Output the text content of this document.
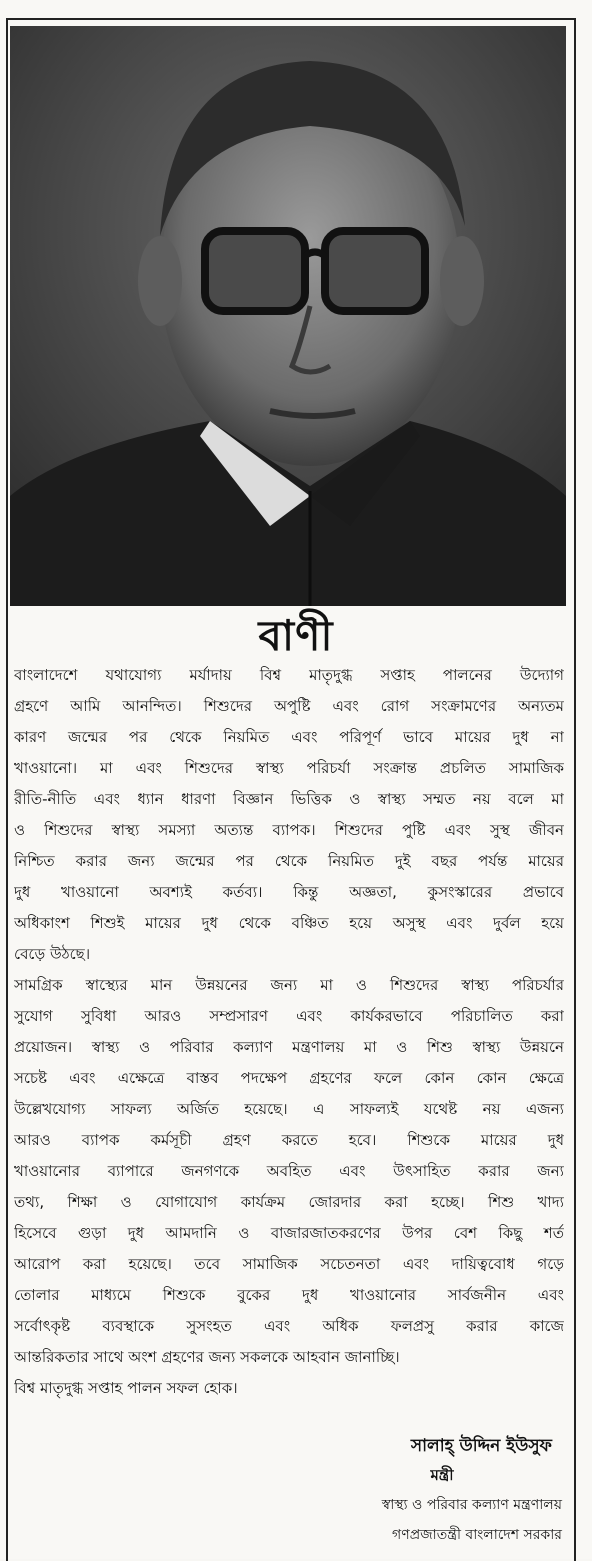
বাণী
বাংলাদেশে যথাযোগ্য মর্যাদায় বিশ্ব মাতৃদুগ্ধ সপ্তাহ পালনের উদ্যোগ
গ্রহণে আমি আনন্দিত। শিশুদের অপুষ্টি এবং রোগ সংক্রামণের অন্যতম
কারণ জন্মের পর থেকে নিয়মিত এবং পরিপূর্ণ ভাবে মায়ের দুধ না
খাওয়ানো। মা এবং শিশুদের স্বাস্থ্য পরিচর্যা সংক্রান্ত প্রচলিত সামাজিক
রীতি-নীতি এবং ধ্যান ধারণা বিজ্ঞান ভিত্তিক ও স্বাস্থ্য সম্মত নয় বলে মা
ও শিশুদের স্বাস্থ্য সমস্যা অত্যন্ত ব্যাপক। শিশুদের পুষ্টি এবং সুস্থ জীবন
নিশ্চিত করার জন্য জন্মের পর থেকে নিয়মিত দুই বছর পর্যন্ত মায়ের
দুধ খাওয়ানো অবশ্যই কর্তব্য। কিন্তু অজ্ঞতা, কুসংস্কারের প্রভাবে
অধিকাংশ শিশুই মায়ের দুধ থেকে বঞ্চিত হয়ে অসুস্থ এবং দুর্বল হয়ে
বেড়ে উঠছে।
সামগ্রিক স্বাস্থ্যের মান উন্নয়নের জন্য মা ও শিশুদের স্বাস্থ্য পরিচর্যার
সুযোগ সুবিধা আরও সম্প্রসারণ এবং কার্যকরভাবে পরিচালিত করা
প্রয়োজন। স্বাস্থ্য ও পরিবার কল্যাণ মন্ত্রণালয় মা ও শিশু স্বাস্থ্য উন্নয়নে
সচেষ্ট এবং এক্ষেত্রে বাস্তব পদক্ষেপ গ্রহণের ফলে কোন কোন ক্ষেত্রে
উল্লেখযোগ্য সাফল্য অর্জিত হয়েছে। এ সাফল্যই যথেষ্ট নয় এজন্য
আরও ব্যাপক কর্মসূচী গ্রহণ করতে হবে। শিশুকে মায়ের দুধ
খাওয়ানোর ব্যাপারে জনগণকে অবহিত এবং উৎসাহিত করার জন্য
তথ্য, শিক্ষা ও যোগাযোগ কার্যক্রম জোরদার করা হচ্ছে। শিশু খাদ্য
হিসেবে গুড়া দুধ আমদানি ও বাজারজাতকরণের উপর বেশ কিছু শর্ত
আরোপ করা হয়েছে। তবে সামাজিক সচেতনতা এবং দায়িত্ববোধ গড়ে
তোলার মাধ্যমে শিশুকে বুকের দুধ খাওয়ানোর সার্বজনীন এবং
সর্বোৎকৃষ্ট ব্যবস্থাকে সুসংহত এবং অধিক ফলপ্রসু করার কাজে
আন্তরিকতার সাথে অংশ গ্রহণের জন্য সকলকে আহবান জানাচ্ছি।
বিশ্ব মাতৃদুগ্ধ সপ্তাহ পালন সফল হোক।
সালাহ্ উদ্দিন ইউসুফ
মন্ত্রী
স্বাস্থ্য ও পরিবার কল্যাণ মন্ত্রণালয়
গণপ্রজাতন্ত্রী বাংলাদেশ সরকার
